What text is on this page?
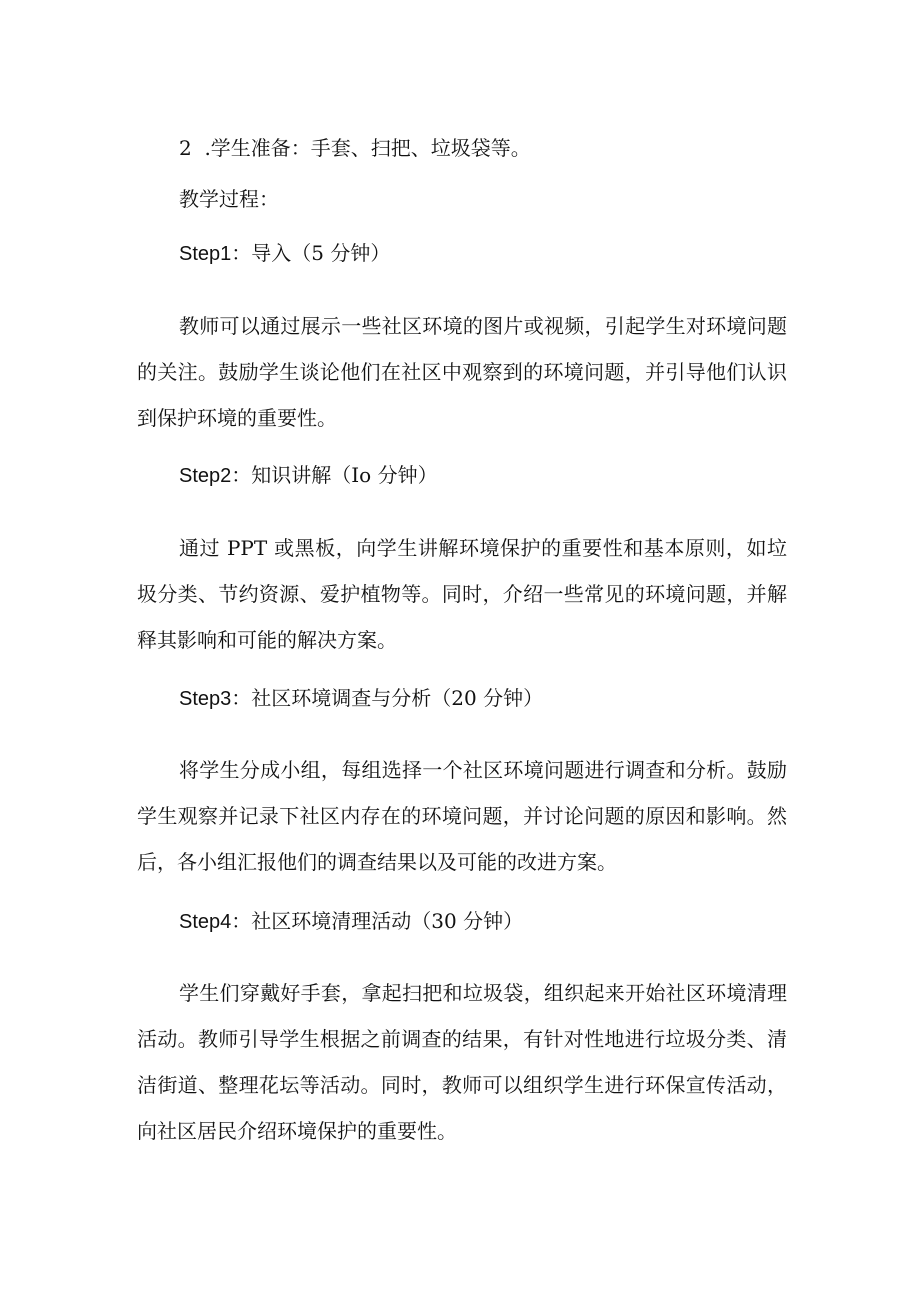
2  .学生准备：手套、扫把、垃圾袋等。

教学过程：

Step1：导入（5 分钟）

教师可以通过展示一些社区环境的图片或视频，引起学生对环境问题的关注。鼓励学生谈论他们在社区中观察到的环境问题，并引导他们认识到保护环境的重要性。

Step2：知识讲解（Io 分钟）

通过 PPT 或黑板，向学生讲解环境保护的重要性和基本原则，如垃圾分类、节约资源、爱护植物等。同时，介绍一些常见的环境问题，并解释其影响和可能的解决方案。

Step3：社区环境调查与分析（20 分钟）

将学生分成小组，每组选择一个社区环境问题进行调查和分析。鼓励学生观察并记录下社区内存在的环境问题，并讨论问题的原因和影响。然后，各小组汇报他们的调查结果以及可能的改进方案。

Step4：社区环境清理活动（30 分钟）

学生们穿戴好手套，拿起扫把和垃圾袋，组织起来开始社区环境清理活动。教师引导学生根据之前调查的结果，有针对性地进行垃圾分类、清洁街道、整理花坛等活动。同时，教师可以组织学生进行环保宣传活动，向社区居民介绍环境保护的重要性。
